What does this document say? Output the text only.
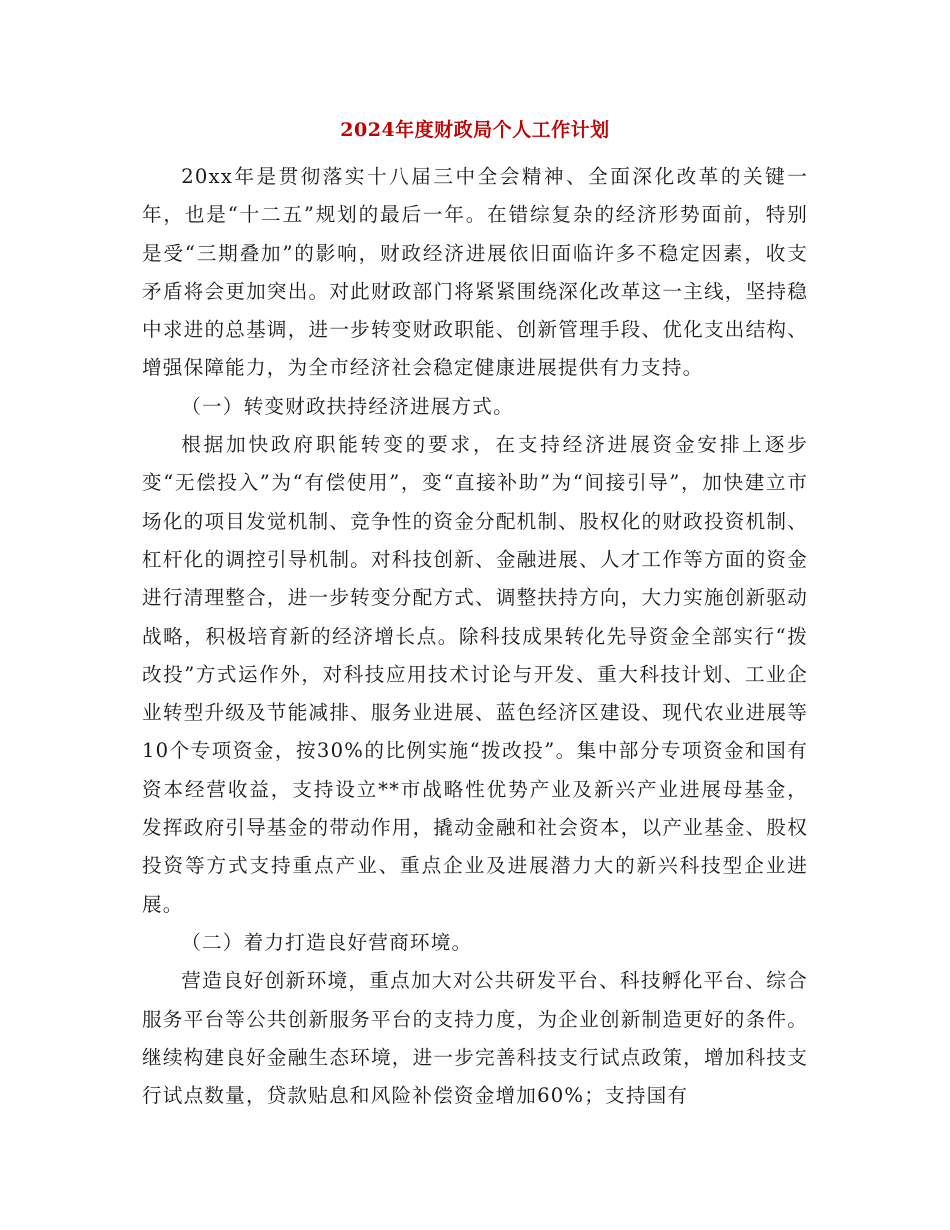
2024年度财政局个人工作计划

20xx年是贯彻落实十八届三中全会精神、全面深化改革的关键一年，也是“十二五”规划的最后一年。在错综复杂的经济形势面前，特别是受“三期叠加”的影响，财政经济进展依旧面临许多不稳定因素，收支矛盾将会更加突出。对此财政部门将紧紧围绕深化改革这一主线，坚持稳中求进的总基调，进一步转变财政职能、创新管理手段、优化支出结构、增强保障能力，为全市经济社会稳定健康进展提供有力支持。

（一）转变财政扶持经济进展方式。

根据加快政府职能转变的要求，在支持经济进展资金安排上逐步变“无偿投入”为“有偿使用”，变“直接补助”为“间接引导”，加快建立市场化的项目发觉机制、竞争性的资金分配机制、股权化的财政投资机制、杠杆化的调控引导机制。对科技创新、金融进展、人才工作等方面的资金进行清理整合，进一步转变分配方式、调整扶持方向，大力实施创新驱动战略，积极培育新的经济增长点。除科技成果转化先导资金全部实行“拨改投”方式运作外，对科技应用技术讨论与开发、重大科技计划、工业企业转型升级及节能减排、服务业进展、蓝色经济区建设、现代农业进展等10个专项资金，按30%的比例实施“拨改投”。集中部分专项资金和国有资本经营收益，支持设立**市战略性优势产业及新兴产业进展母基金，发挥政府引导基金的带动作用，撬动金融和社会资本，以产业基金、股权投资等方式支持重点产业、重点企业及进展潜力大的新兴科技型企业进展。

（二）着力打造良好营商环境。

营造良好创新环境，重点加大对公共研发平台、科技孵化平台、综合服务平台等公共创新服务平台的支持力度，为企业创新制造更好的条件。继续构建良好金融生态环境，进一步完善科技支行试点政策，增加科技支行试点数量，贷款贴息和风险补偿资金增加60%；支持国有
